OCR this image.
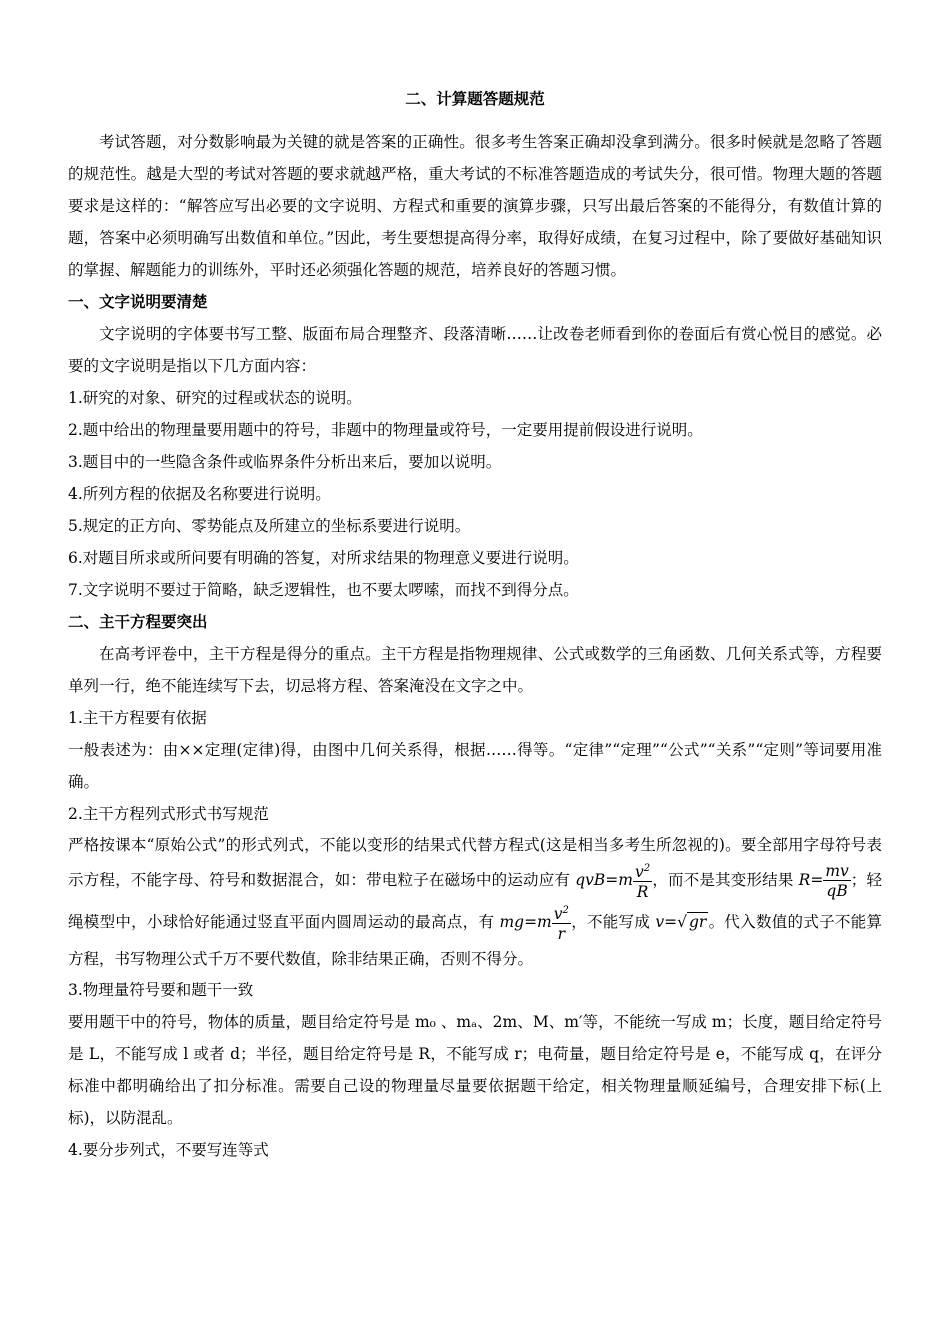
二、计算题答题规范

考试答题，对分数影响最为关键的就是答案的正确性。很多考生答案正确却没拿到满分。很多时候就是忽略了答题的规范性。越是大型的考试对答题的要求就越严格，重大考试的不标准答题造成的考试失分，很可惜。物理大题的答题要求是这样的：“解答应写出必要的文字说明、方程式和重要的演算步骤，只写出最后答案的不能得分，有数值计算的题，答案中必须明确写出数值和单位。”因此，考生要想提高得分率，取得好成绩，在复习过程中，除了要做好基础知识的掌握、解题能力的训练外，平时还必须强化答题的规范，培养良好的答题习惯。

一、文字说明要清楚

文字说明的字体要书写工整、版面布局合理整齐、段落清晰……让改卷老师看到你的卷面后有赏心悦目的感觉。必要的文字说明是指以下几方面内容：

1.研究的对象、研究的过程或状态的说明。

2.题中给出的物理量要用题中的符号，非题中的物理量或符号，一定要用提前假设进行说明。

3.题目中的一些隐含条件或临界条件分析出来后，要加以说明。

4.所列方程的依据及名称要进行说明。

5.规定的正方向、零势能点及所建立的坐标系要进行说明。

6.对题目所求或所问要有明确的答复，对所求结果的物理意义要进行说明。

7.文字说明不要过于简略，缺乏逻辑性，也不要太啰嗦，而找不到得分点。

二、主干方程要突出

在高考评卷中，主干方程是得分的重点。主干方程是指物理规律、公式或数学的三角函数、几何关系式等，方程要单列一行，绝不能连续写下去，切忌将方程、答案淹没在文字之中。

1.主干方程要有依据

一般表述为：由××定理(定律)得，由图中几何关系得，根据……得等。“定律”“定理”“公式”“关系”“定则”等词要用准确。

2.主干方程列式形式书写规范

严格按课本“原始公式”的形式列式，不能以变形的结果式代替方程式(这是相当多考生所忽视的)。要全部用字母符号表示方程，不能字母、符号和数据混合，如：带电粒子在磁场中的运动应有 $qvB=m \frac{v^2}{R}$ ，而不是其变形结果 $R= \frac{mv}{qB}$ ；轻绳模型中，小球恰好能通过竖直平面内圆周运动的最高点，有 $mg=m \frac{v^2}{r}$ ，不能写成 v=√ gr 。代入数值的式子不能算方程，书写物理公式千万不要代数值，除非结果正确，否则不得分。

3.物理量符号要和题干一致

要用题干中的符号，物体的质量，题目给定符号是 m₀ 、mₐ、2m、M、m′等，不能统一写成 m；长度，题目给定符号是 L，不能写成 l 或者 d；半径，题目给定符号是 R，不能写成 r；电荷量，题目给定符号是 e，不能写成 q，在评分标准中都明确给出了扣分标准。需要自己设的物理量尽量要依据题干给定，相关物理量顺延编号，合理安排下标(上标)，以防混乱。

4.要分步列式，不要写连等式
